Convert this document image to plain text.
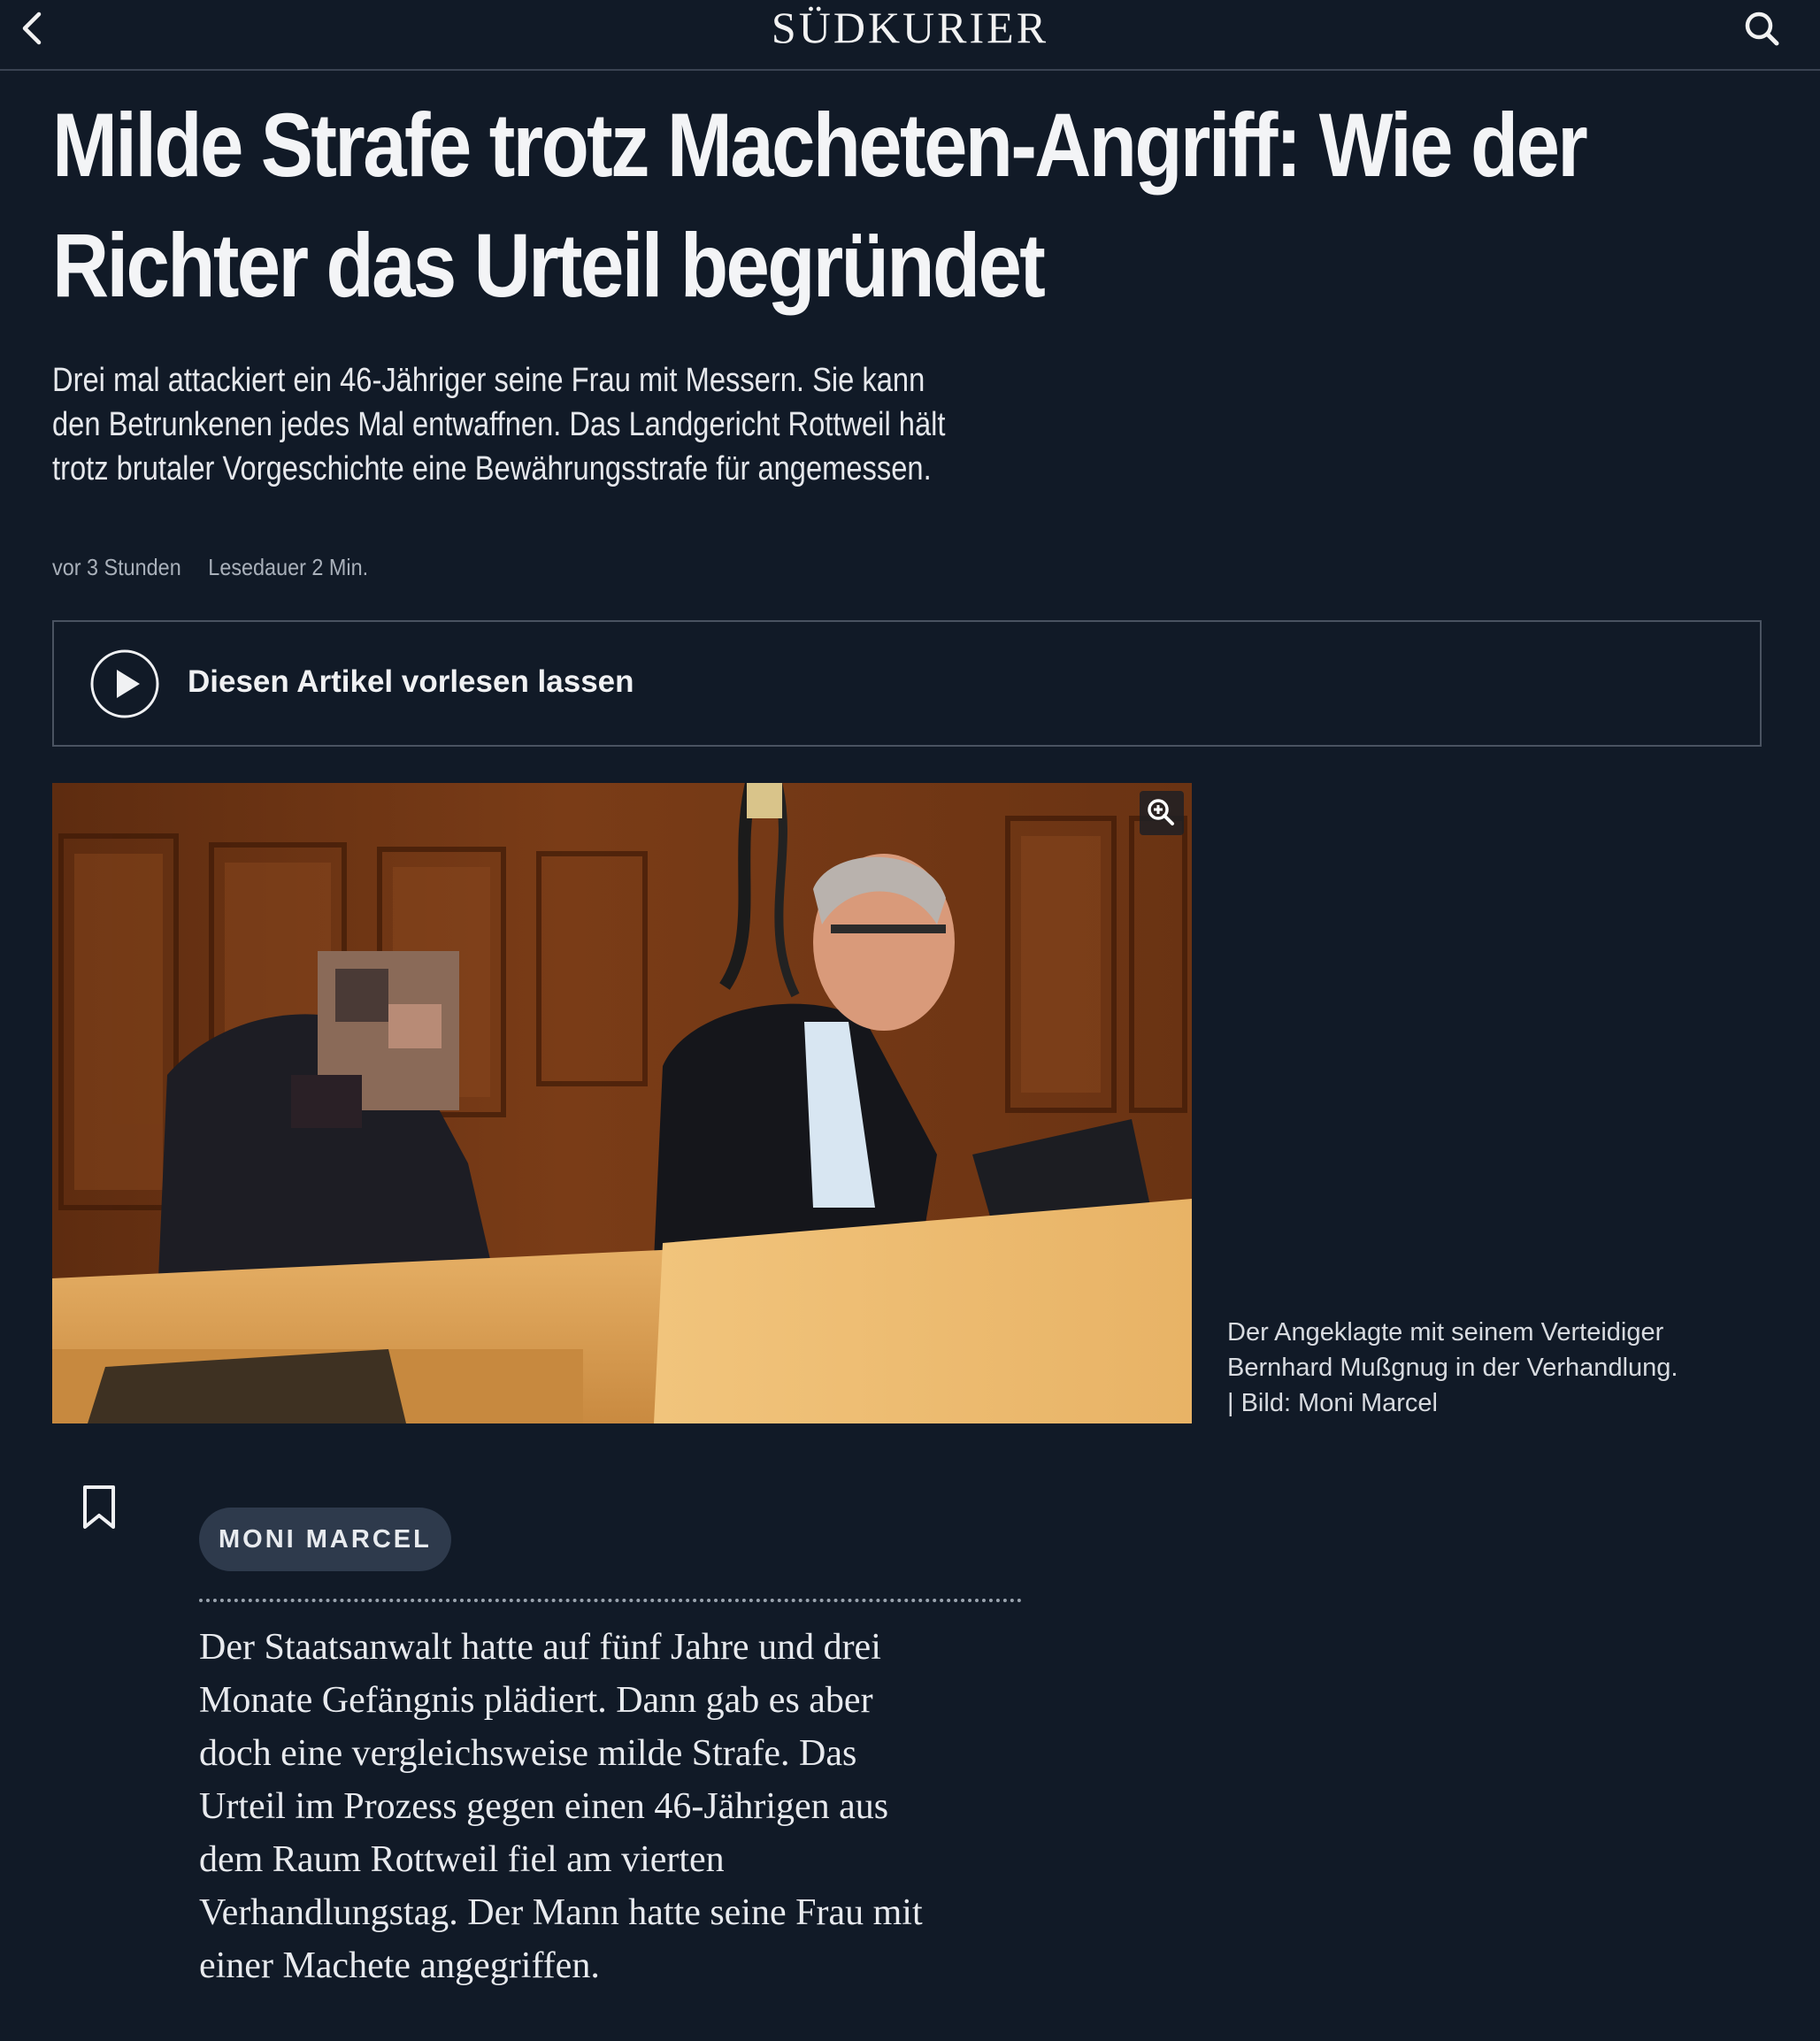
SÜDKURIER
Milde Strafe trotz Macheten-Angriff: Wie der
Richter das Urteil begründet
Drei mal attackiert ein 46-Jähriger seine Frau mit Messern. Sie kann
den Betrunkenen jedes Mal entwaffnen. Das Landgericht Rottweil hält
trotz brutaler Vorgeschichte eine Bewährungsstrafe für angemessen.
vor 3 Stunden Lesedauer 2 Min.
Diesen Artikel vorlesen lassen
Der Angeklagte mit seinem Verteidiger
Bernhard Mußgnug in der Verhandlung.
| Bild: Moni Marcel
MONI MARCEL
Der Staatsanwalt hatte auf fünf Jahre und drei
Monate Gefängnis plädiert. Dann gab es aber
doch eine vergleichsweise milde Strafe. Das
Urteil im Prozess gegen einen 46-Jährigen aus
dem Raum Rottweil fiel am vierten
Verhandlungstag. Der Mann hatte seine Frau mit
einer Machete angegriffen.
